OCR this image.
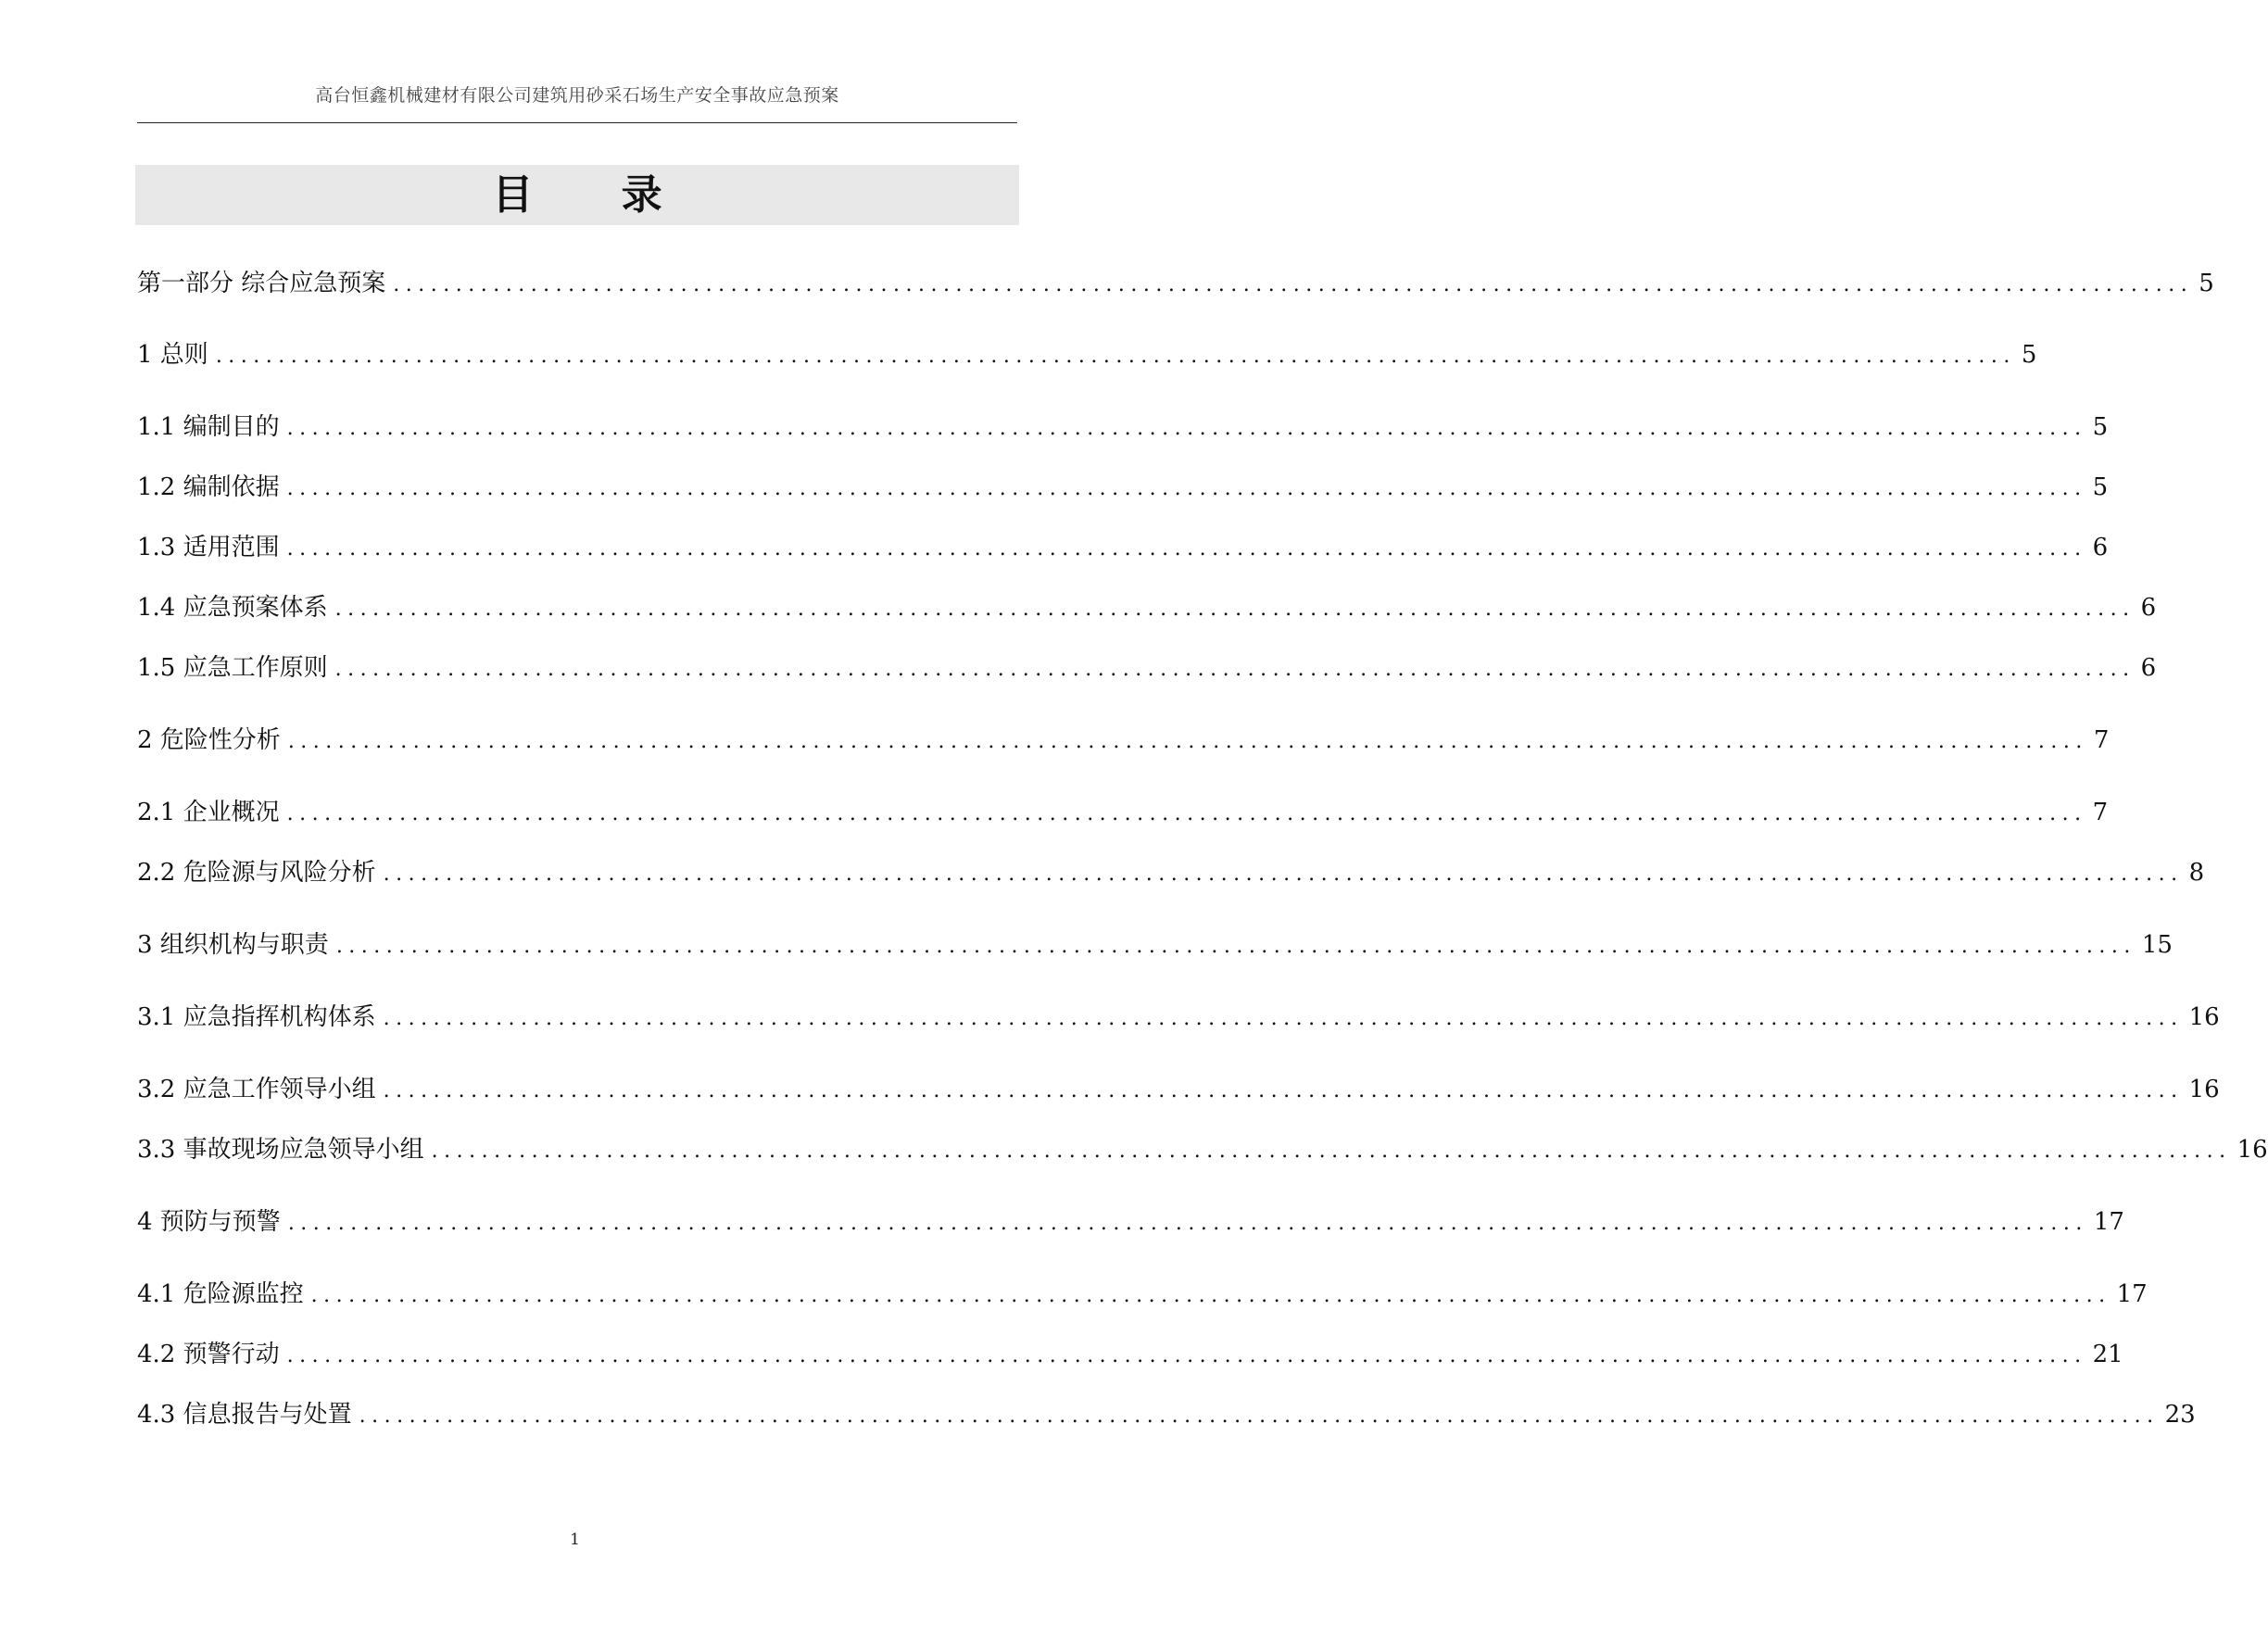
高台恒鑫机械建材有限公司建筑用砂采石场生产安全事故应急预案
目 录
第一部分 综合应急预案 ................................................................................................................................................ 5
1 总则 ................................................................................................................................................ 5
1.1 编制目的 ................................................................................................................................................ 5
1.2 编制依据 ................................................................................................................................................ 5
1.3 适用范围 ................................................................................................................................................ 6
1.4 应急预案体系 ................................................................................................................................................ 6
1.5 应急工作原则 ................................................................................................................................................ 6
2 危险性分析 ................................................................................................................................................ 7
2.1 企业概况 ................................................................................................................................................ 7
2.2 危险源与风险分析 ................................................................................................................................................ 8
3 组织机构与职责 ................................................................................................................................................ 15
3.1 应急指挥机构体系 ................................................................................................................................................ 16
3.2 应急工作领导小组 ................................................................................................................................................ 16
3.3 事故现场应急领导小组 ................................................................................................................................................ 16
4 预防与预警 ................................................................................................................................................ 17
4.1 危险源监控 ................................................................................................................................................ 17
4.2 预警行动 ................................................................................................................................................ 21
4.3 信息报告与处置 ................................................................................................................................................ 23
1
